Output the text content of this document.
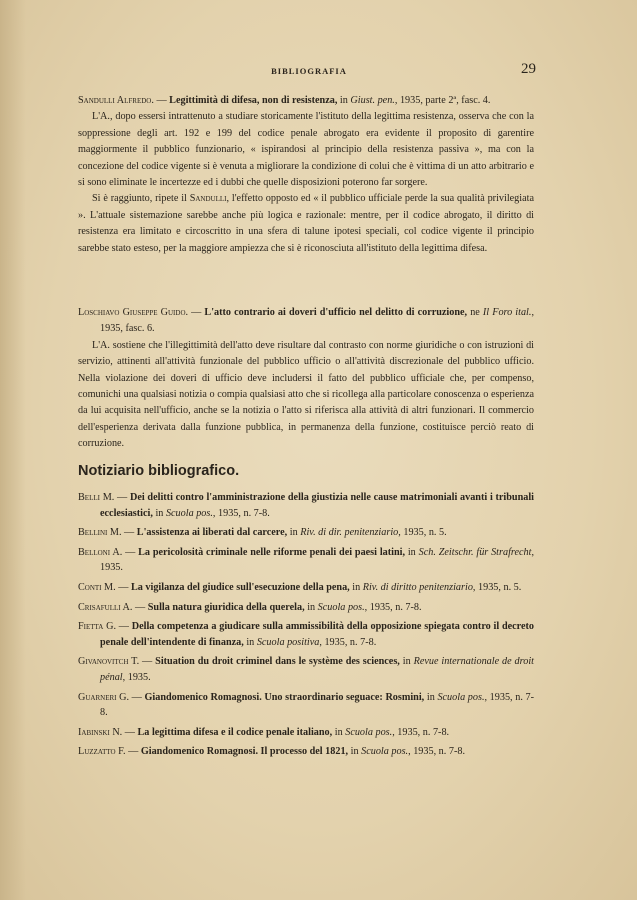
BIBLIOGRAFIA	29

Sandulli Alfredo. — Legittimità di difesa, non di resistenza, in Giust. pen., 1935, parte 2ª, fasc. 4.

L'A., dopo essersi intrattenuto a studiare storicamente l'istituto della legittima resistenza, osserva che con la soppressione degli art. 192 e 199 del codice penale abrogato era evidente il proposito di garentire maggiormente il pubblico funzionario, « ispirandosi al principio della resistenza passiva », ma con la concezione del codice vigente si è venuta a migliorare la condizione di colui che è vittima di un atto arbitrario e si sono eliminate le incertezze ed i dubbi che quelle disposizioni poterono far sorgere.

Si è raggiunto, ripete il Sandulli, l'effetto opposto ed « il pubblico ufficiale perde la sua qualità privilegiata ». L'attuale sistemazione sarebbe anche più logica e razionale: mentre, per il codice abrogato, il diritto di resistenza era limitato e circoscritto in una sfera di talune ipotesi speciali, col codice vigente il principio sarebbe stato esteso, per la maggiore ampiezza che si è riconosciuta all'istituto della legittima difesa.

Loschiavo Giuseppe Guido. — L'atto contrario ai doveri d'ufficio nel delitto di corruzione, ne Il Foro ital., 1935, fasc. 6.

L'A. sostiene che l'illegittimità dell'atto deve risultare dal contrasto con norme giuridiche o con istruzioni di servizio, attinenti all'attività funzionale del pubblico ufficio o all'attività discrezionale del pubblico ufficio. Nella violazione dei doveri di ufficio deve includersi il fatto del pubblico ufficiale che, per compenso, comunichi una qualsiasi notizia o compia qualsiasi atto che si ricollega alla particolare conoscenza o esperienza da lui acquisita nell'ufficio, anche se la notizia o l'atto si riferisca alla attività di altri funzionari. Il commercio dell'esperienza derivata dalla funzione pubblica, in permanenza della funzione, costituisce perciò reato di corruzione.

Notiziario bibliografico.

Belli M. — Dei delitti contro l'amministrazione della giustizia nelle cause matrimoniali avanti i tribunali ecclesiastici, in Scuola pos., 1935, n. 7-8.

Bellini M. — L'assistenza ai liberati dal carcere, in Riv. di dir. penitenziario, 1935, n. 5.

Belloni A. — La pericolosità criminale nelle riforme penali dei paesi latini, in Sch. Zeitschr. für Strafrecht, 1935.

Conti M. — La vigilanza del giudice sull'esecuzione della pena, in Riv. di diritto penitenziario, 1935, n. 5.

Crisafulli A. — Sulla natura giuridica della querela, in Scuola pos., 1935, n. 7-8.

Fietta G. — Della competenza a giudicare sulla ammissibilità della opposizione spiegata contro il decreto penale dell'intendente di finanza, in Scuola positiva, 1935, n. 7-8.

Givanovitch T. — Situation du droit criminel dans le système des sciences, in Revue internationale de droit pénal, 1935.

Guarneri G. — Giandomenico Romagnosi. Uno straordinario seguace: Rosmini, in Scuola pos., 1935, n. 7-8.

Iabinski N. — La legittima difesa e il codice penale italiano, in Scuola pos., 1935, n. 7-8.

Luzzatto F. — Giandomenico Romagnosi. Il processo del 1821, in Scuola pos., 1935, n. 7-8.
